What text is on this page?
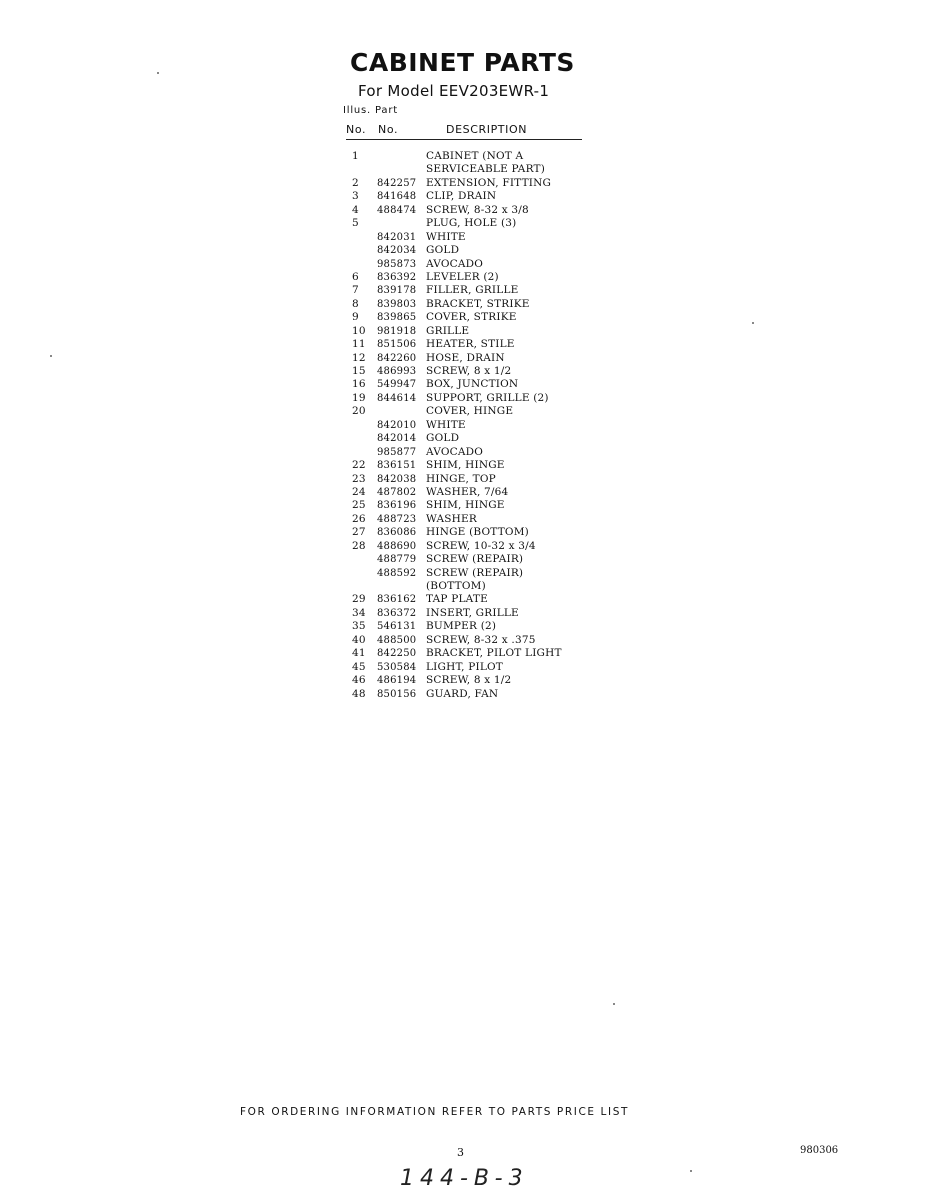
CABINET PARTS
For Model EEV203EWR-1
Illus. Part
No. No.	DESCRIPTION
1	CABINET (NOT A
SERVICEABLE PART)
2 842257 EXTENSION, FITTING
3 841648 CLIP, DRAIN
4 488474 SCREW, 8-32 x 3/8
5	PLUG, HOLE (3)
842031 WHITE
842034 GOLD
985873 AVOCADO
6 836392 LEVELER (2)
7 839178 FILLER, GRILLE
8 839803 BRACKET, STRIKE
9 839865 COVER, STRIKE
10 981918 GRILLE
11 851506 HEATER, STILE
12 842260 HOSE, DRAIN
15 486993 SCREW, 8 x 1/2
16 549947 BOX, JUNCTION
19 844614 SUPPORT, GRILLE (2)
20	COVER, HINGE
842010 WHITE
842014 GOLD
985877 AVOCADO
22 836151 SHIM, HINGE
23 842038 HINGE, TOP
24 487802 WASHER, 7/64
25 836196 SHIM, HINGE
26 488723 WASHER
27 836086 HINGE (BOTTOM)
28 488690 SCREW, 10-32 x 3/4
488779 SCREW (REPAIR)
488592 SCREW (REPAIR)
(BOTTOM)
29 836162 TAP PLATE
34 836372 INSERT, GRILLE
35 546131 BUMPER (2)
40 488500 SCREW, 8-32 x .375
41 842250 BRACKET, PILOT LIGHT
45 530584 LIGHT, PILOT
46 486194 SCREW, 8 x 1/2
48 850156 GUARD, FAN
FOR ORDERING INFORMATION REFER TO PARTS PRICE LIST
3	980306
144-B-3
